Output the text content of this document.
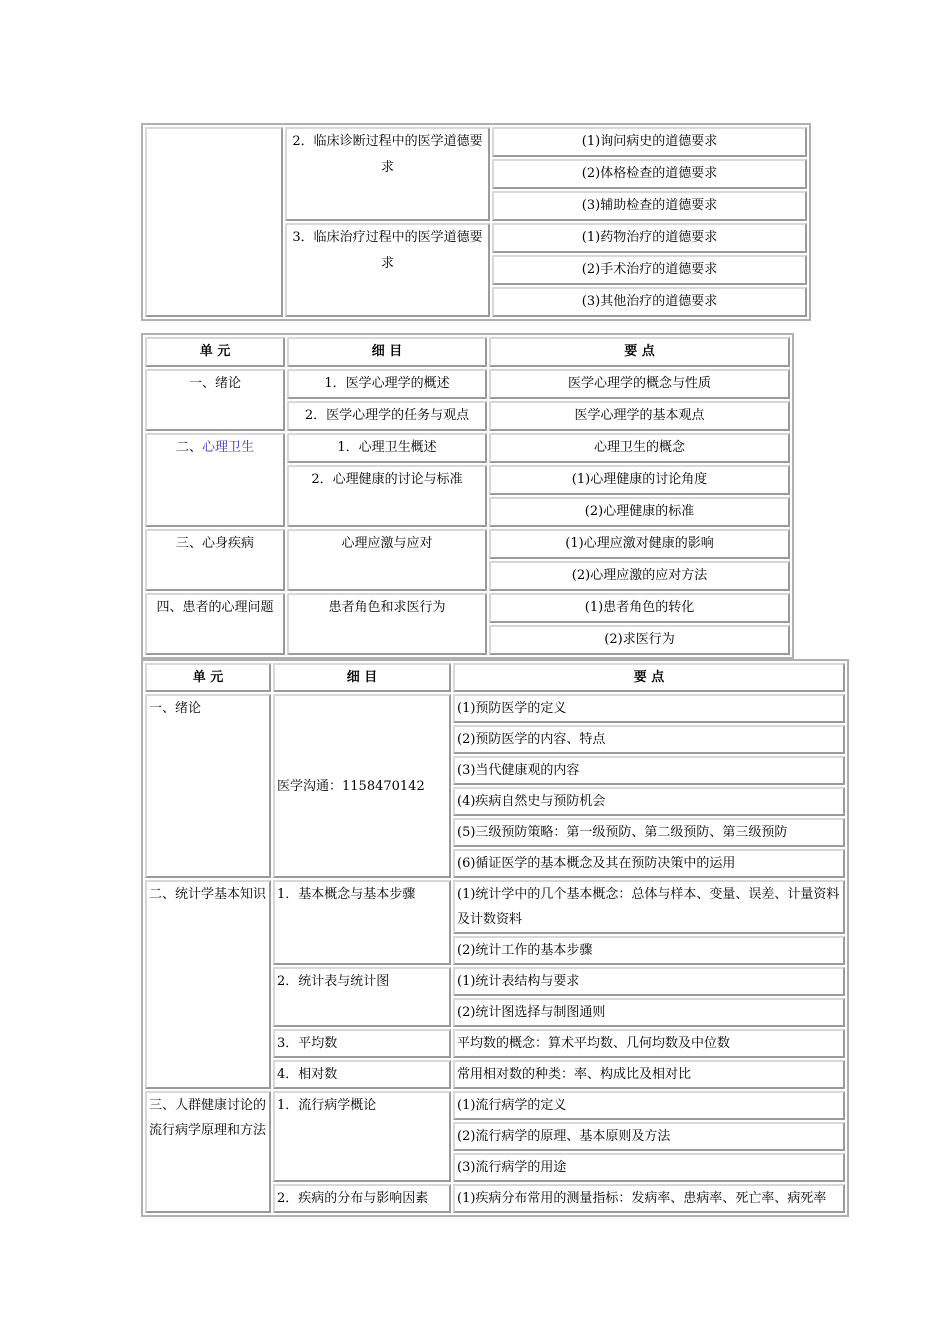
	2．临床诊断过程中的医学道德要求	(1)询问病史的道德要求
		(2)体格检查的道德要求
		(3)辅助检查的道德要求
	3．临床治疗过程中的医学道德要求	(1)药物治疗的道德要求
		(2)手术治疗的道德要求
		(3)其他治疗的道德要求
单 元	细 目	要 点
一、绪论	1．医学心理学的概述	医学心理学的概念与性质
	2．医学心理学的任务与观点	医学心理学的基本观点
二、心理卫生	1．心理卫生概述	心理卫生的概念
	2．心理健康的讨论与标准	(1)心理健康的讨论角度
		(2)心理健康的标准
三、心身疾病	心理应激与应对	(1)心理应激对健康的影响
		(2)心理应激的应对方法
四、患者的心理问题	患者角色和求医行为	(1)患者角色的转化
		(2)求医行为
单 元	细 目	要 点
一、绪论	医学沟通：1158470142	(1)预防医学的定义
		(2)预防医学的内容、特点
		(3)当代健康观的内容
		(4)疾病自然史与预防机会
		(5)三级预防策略：第一级预防、第二级预防、第三级预防
		(6)循证医学的基本概念及其在预防决策中的运用
二、统计学基本知识	1．基本概念与基本步骤	(1)统计学中的几个基本概念：总体与样本、变量、误差、计量资料及计数资料
		(2)统计工作的基本步骤
	2．统计表与统计图	(1)统计表结构与要求
		(2)统计图选择与制图通则
	3．平均数	平均数的概念：算术平均数、几何均数及中位数
	4．相对数	常用相对数的种类：率、构成比及相对比
三、人群健康讨论的流行病学原理和方法	1．流行病学概论	(1)流行病学的定义
		(2)流行病学的原理、基本原则及方法
		(3)流行病学的用途
	2．疾病的分布与影响因素	(1)疾病分布常用的测量指标：发病率、患病率、死亡率、病死率
